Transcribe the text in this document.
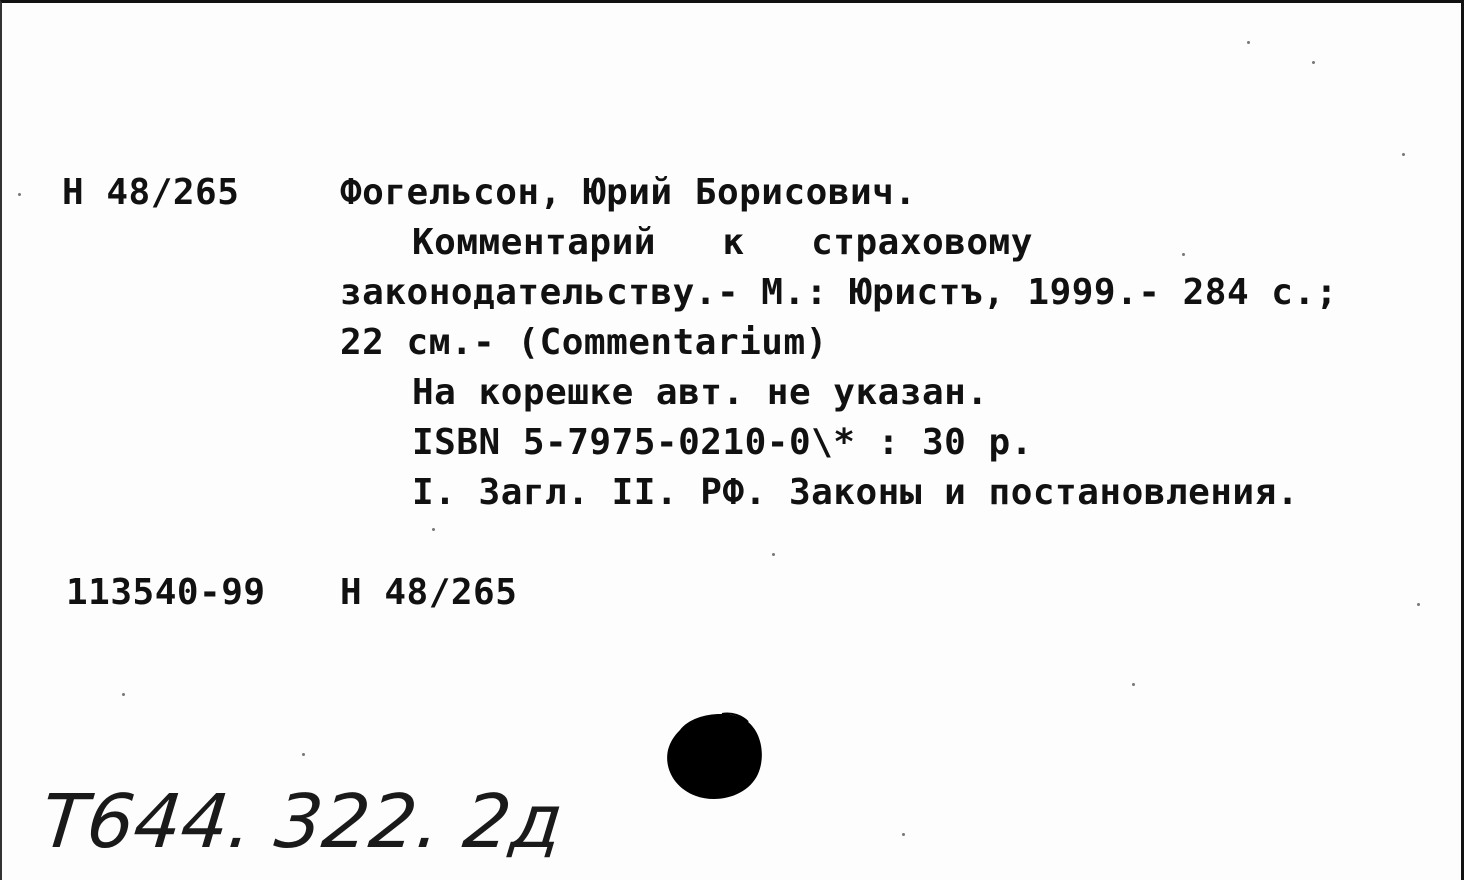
Н 48/265	Фогельсон, Юрий Борисович.
Комментарий   к   страховому
законодательству.- М.: Юристъ, 1999.- 284 с.;
22 см.- (Commentarium)
На корешке авт. не указан.
ISBN 5-7975-0210-0\* : 30 р.
I. Загл. II. РФ. Законы и постановления.
113540-99 Н 48/265
Т644. 322. 2д
